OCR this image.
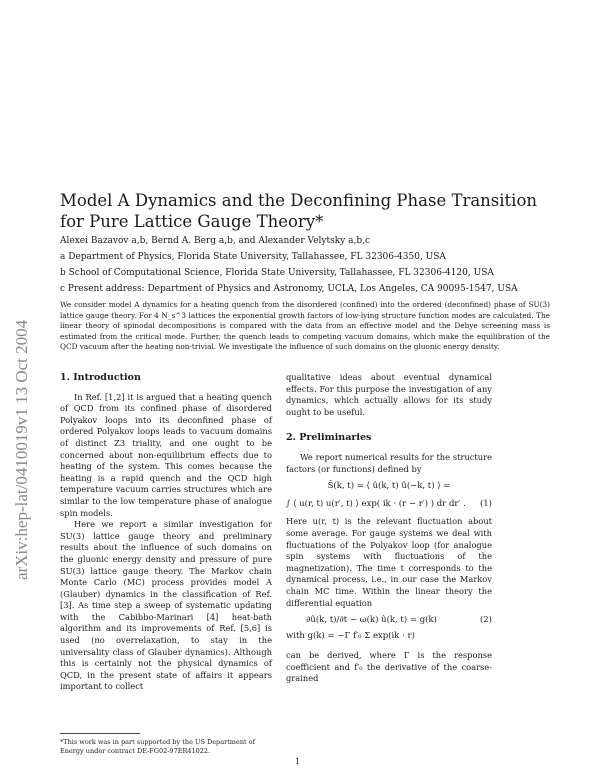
arXiv:hep-lat/0410019v1 13 Oct 2004
Model A Dynamics and the Deconfining Phase Transition for Pure Lattice Gauge Theory*
Alexei Bazavov a,b, Bernd A. Berg a,b, and Alexander Velytsky a,b,c
a Department of Physics, Florida State University, Tallahassee, FL 32306-4350, USA
b School of Computational Science, Florida State University, Tallahassee, FL 32306-4120, USA
We consider model A dynamics for a heating quench from the disordered (confined) into the ordered (deconfined) phase of SU(3) lattice gauge theory. For 4 N_s^3 lattices the exponential growth factors of low-lying structure function modes are calculated. The linear theory of spinodal decompositions is compared with the data from an effective model and the Debye screening mass is estimated from the critical mode. Further, the quench leads to competing vacuum domains, which make the equilibration of the QCD vacuum after the heating non-trivial. We investigate the influence of such domains on the gluonic energy density.
c Present address: Department of Physics and Astronomy, UCLA, Los Angeles, CA 90095-1547, USA
1. Introduction

In Ref. [1,2] it is argued that a heating quench of QCD from its confined phase of disordered Polyakov loops into its deconfined phase of ordered Polyakov loops leads to vacuum domains of distinct Z3 triality, and one ought to be concerned about non-equilibrium effects due to heating of the system. This comes because the heating is a rapid quench and the QCD high temperature vacuum carries structures which are similar to the low temperature phase of analogue spin models.

Here we report a similar investigation for SU(3) lattice gauge theory and preliminary results about the influence of such domains on the gluonic energy density and pressure of pure SU(3) lattice gauge theory. The Markov chain Monte Carlo (MC) process provides model A (Glauber) dynamics in the classification of Ref. [3]. As time step a sweep of systematic updating with the Cabibbo-Marinari [4] heat-bath algorithm and its improvements of Ref. [5,6] is used (no overrelaxation, to stay in the universality class of Glauber dynamics). Although this is certainly not the physical dynamics of QCD, in the present state of affairs it appears important to collect

qualitative ideas about eventual dynamical effects. For this purpose the investigation of any dynamics, which actually allows for its study ought to be useful.
2. Preliminaries

We report numerical results for the structure factors (or functions) defined by

Ŝ(k, t) = ⟨ û(k, t) û(−k, t) ⟩ =
∫ ⟨ u(r, t) u(r′, t) ⟩ exp( ik · (r − r′) ) dr dr′ . (1)
Here u(r, t) is the relevant fluctuation about some average. For gauge systems we deal with fluctuations of the Polyakov loop (for analogue spin systems with fluctuations of the magnetization). The time t corresponds to the dynamical process, i.e., in our case the Markov chain MC time. Within the linear theory the differential equation
∂û(k, t)/∂t − ω(k) û(k, t) = g(k)	(2)
with g(k) = −Γ f′₀ Σ exp(ik · r)
can be derived, where Γ is the response coefficient and f′₀ the derivative of the coarse-grained
*This work was in part supported by the US Department of Energy under contract DE-FG02-97ER41022.
1
